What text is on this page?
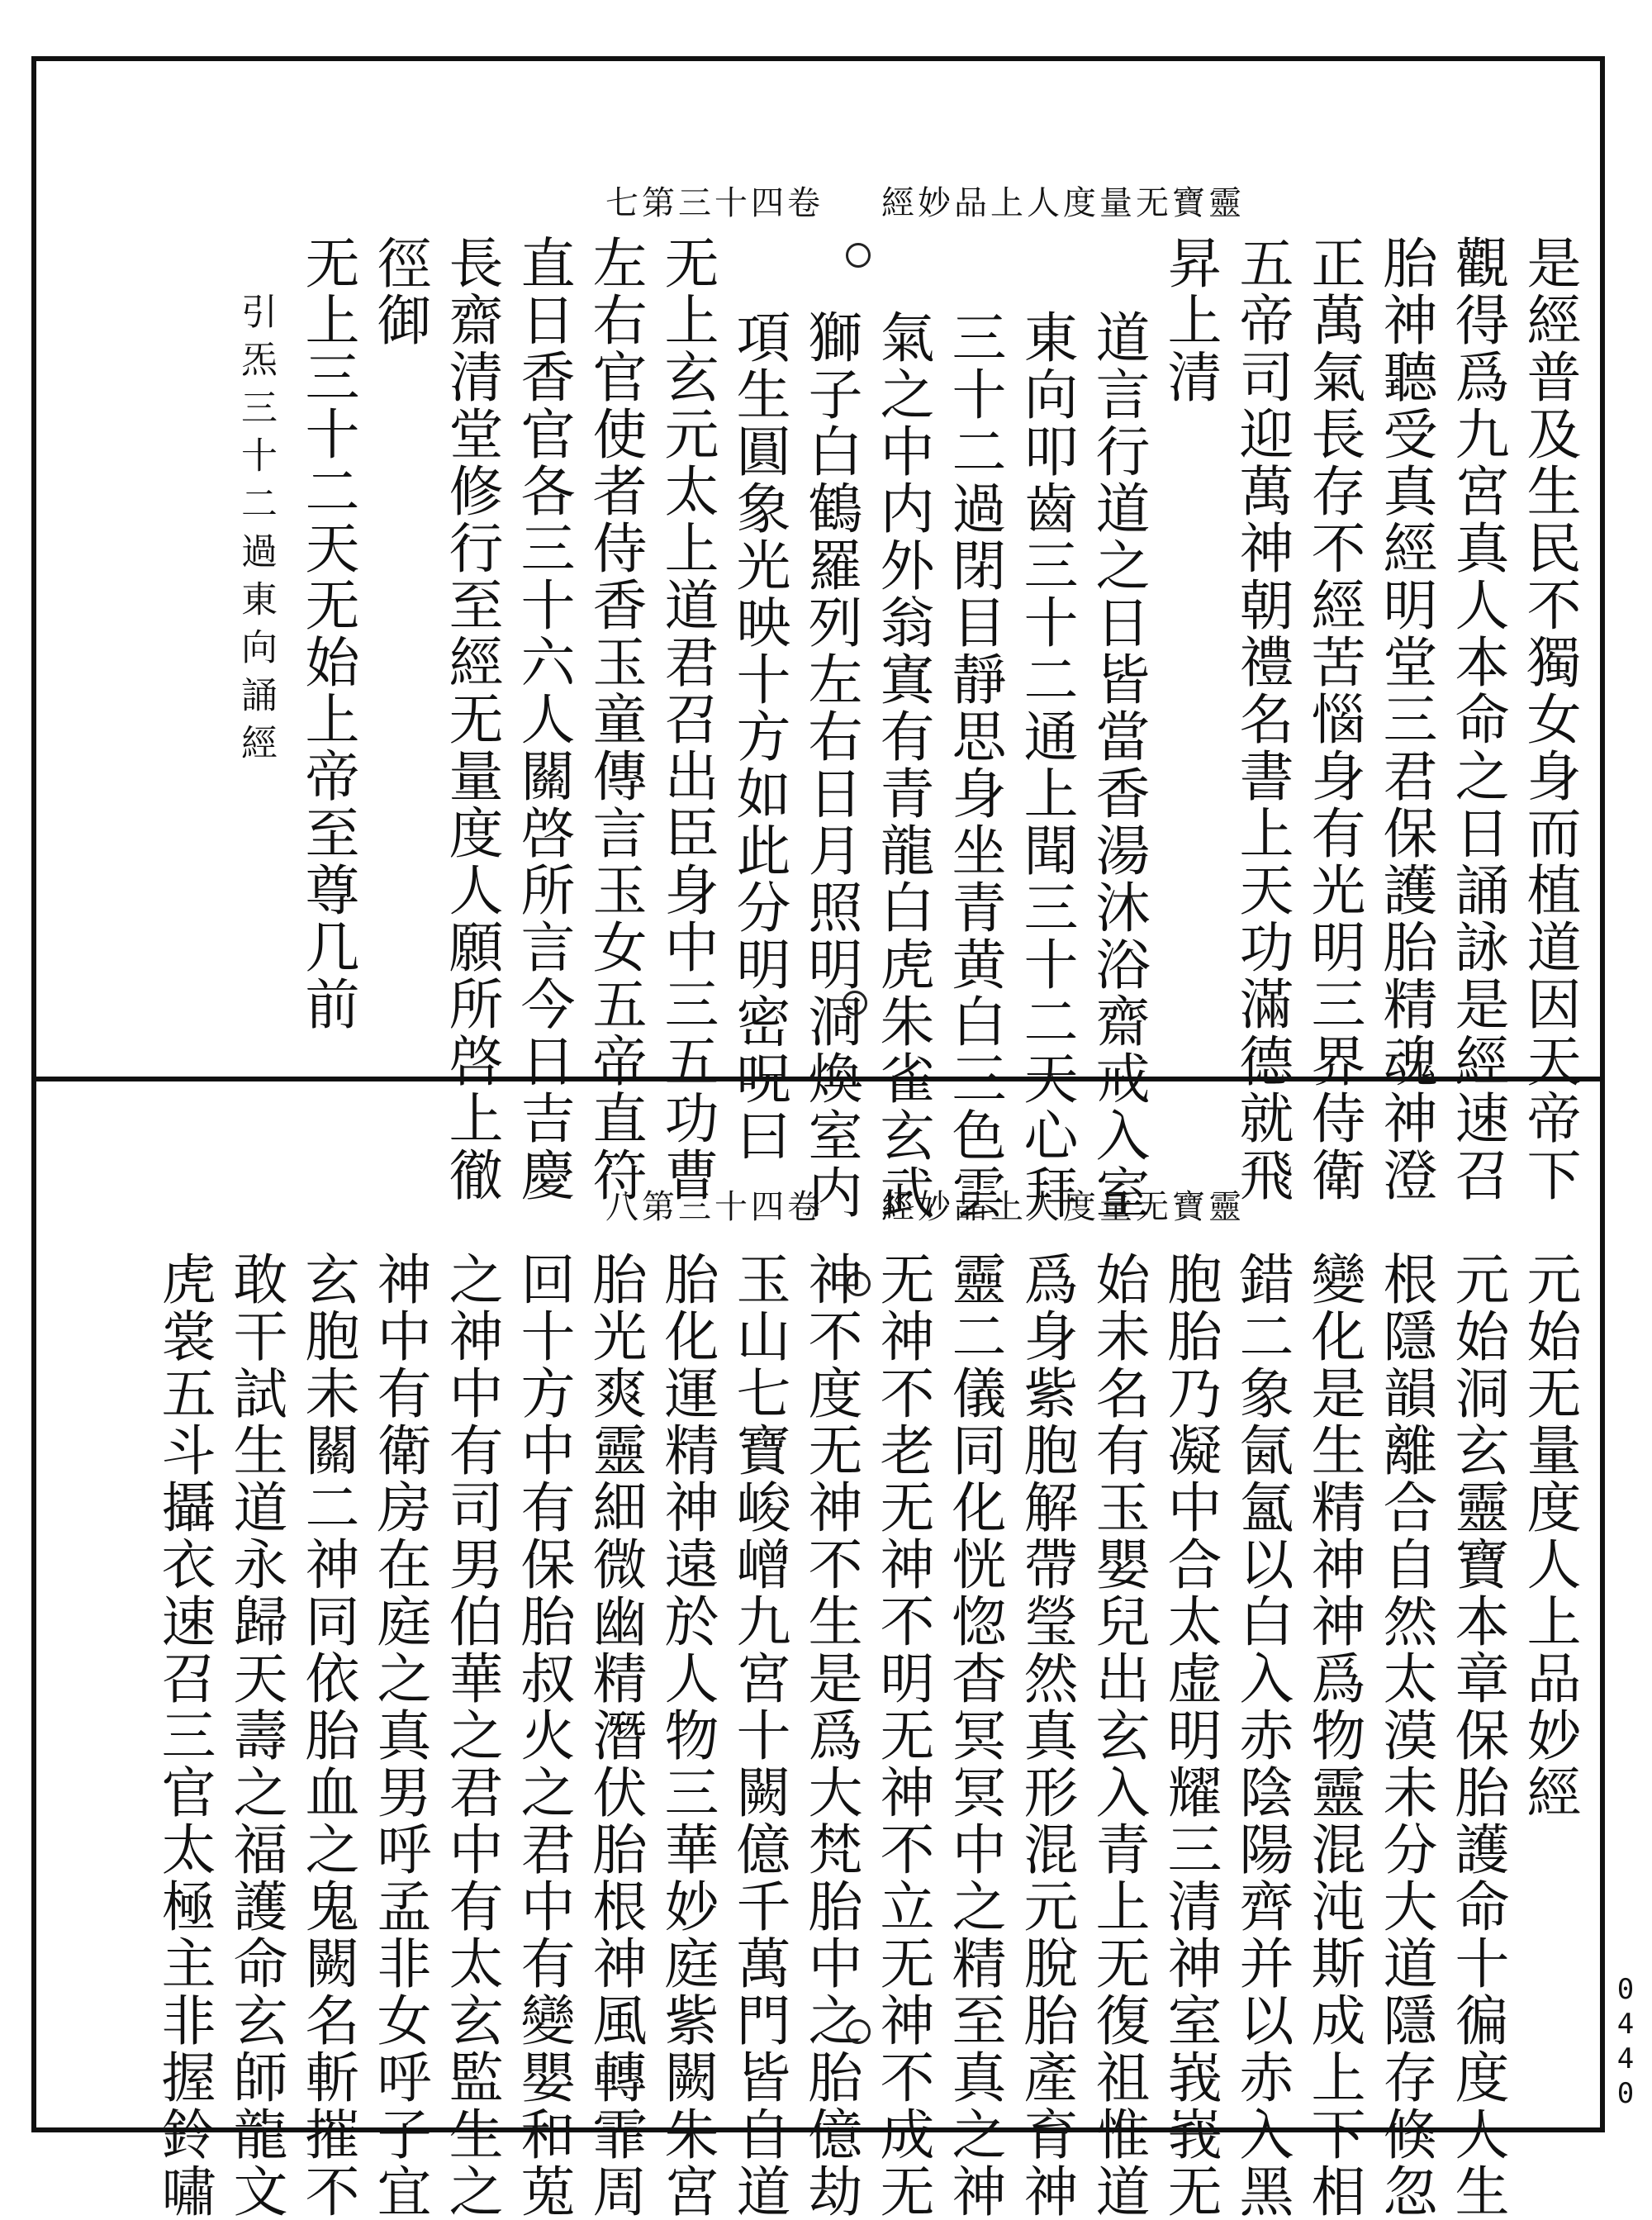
靈寶无量度人上品妙經卷四十三第七
是經普及生民不獨女身而植道因天帝下
觀得爲九宮真人本命之日誦詠是經速召
胎神聽受真經明堂三君保護胎精魂神澄
正萬氣長存不經苦惱身有光明三界侍衛
五帝司迎萬神朝禮名書上天功滿德就飛
昇上清
道言行道之日皆當香湯沐浴齋戒入室
東向叩齒三十二通上聞三十二天心拜
三十二過閉目靜思身坐青黄白三色雲
氣之中内外翁寘有青龍白虎朱雀玄武
獅子白鶴羅列左右日月照明洞煥室内
項生圓象光映十方如此分明密呪曰
无上玄元太上道君召出臣身中三五功曹
左右官使者侍香玉童傳言玉女五帝直符
直日香官各三十六人關啓所言今日吉慶
長齋清堂修行至經无量度人願所啓上徹
徑御
无上三十二天无始上帝至尊几前
引炁三十二過東向誦經
靈寶无量度人上品妙經卷四十三第八
元始无量度人上品妙經
元始洞玄靈寶本章保胎護命十徧度人生
根隱韻離合自然太漠未分大道隱存倏忽
變化是生精神神爲物靈混沌斯成上下相
錯二象氤氳以白入赤陰陽齊并以赤入黑
胞胎乃凝中合太虚明耀三清神室峩峩无
始未名有玉嬰兒出玄入青上无復祖惟道
爲身紫胞解帶瑩然真形混元脫胎產育神
靈二儀同化恍惚杳冥冥中之精至真之神
无神不老无神不明无神不立无神不成无
神不度无神不生是爲大梵胎中之胎億劫
玉山七寶峻嶒九宮十闕億千萬門皆自道
胎化運精神遠於人物三華妙庭紫闕朱宮
胎光爽靈細微幽精潛伏胎根神風轉霏周
回十方中有保胎叔火之君中有變嬰和莵
之神中有司男伯華之君中有太玄監生之
神中有衛房在庭之真男呼孟非女呼子宜
玄胞未關二神同依胎血之鬼闕名斬摧不
敢干試生道永歸天壽之福護命玄師龍文
虎裳五斗攝衣速召三官太極主非握鈴嘯	0440
